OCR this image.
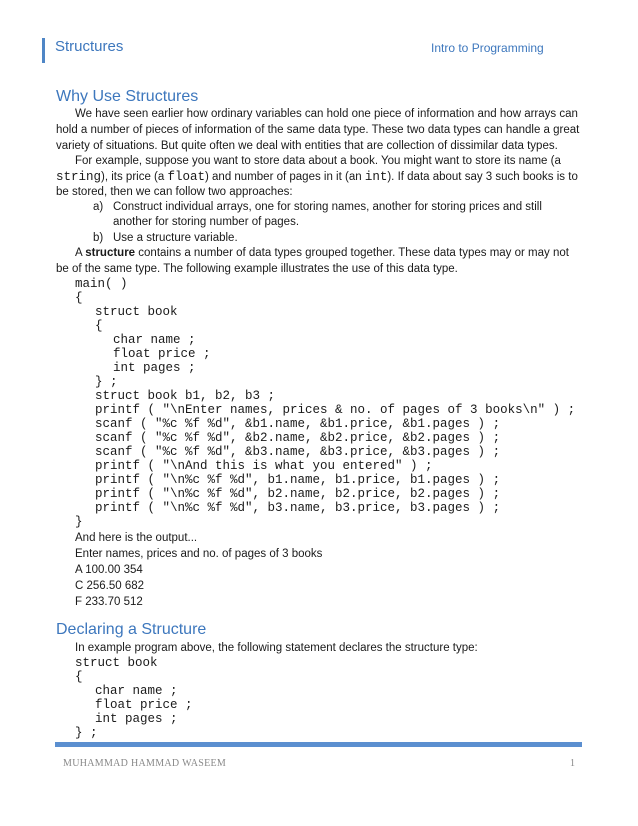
Structures	Intro to Programming
Why Use Structures
We have seen earlier how ordinary variables can hold one piece of information and how arrays can
hold a number of pieces of information of the same data type. These two data types can handle a great
variety of situations. But quite often we deal with entities that are collection of dissimilar data types.
For example, suppose you want to store data about a book. You might want to store its name (a
string), its price (a float) and number of pages in it (an int). If data about say 3 such books is to
be stored, then we can follow two approaches:
a) Construct individual arrays, one for storing names, another for storing prices and still
another for storing number of pages.
b) Use a structure variable.
A structure contains a number of data types grouped together. These data types may or may not
be of the same type. The following example illustrates the use of this data type.
main( )
{
struct book
{
char name ;
float price ;
int pages ;
} ;
struct book b1, b2, b3 ;
printf ( "\nEnter names, prices & no. of pages of 3 books\n" ) ;
scanf ( "%c %f %d", &b1.name, &b1.price, &b1.pages ) ;
scanf ( "%c %f %d", &b2.name, &b2.price, &b2.pages ) ;
scanf ( "%c %f %d", &b3.name, &b3.price, &b3.pages ) ;
printf ( "\nAnd this is what you entered" ) ;
printf ( "\n%c %f %d", b1.name, b1.price, b1.pages ) ;
printf ( "\n%c %f %d", b2.name, b2.price, b2.pages ) ;
printf ( "\n%c %f %d", b3.name, b3.price, b3.pages ) ;
}
And here is the output...
Enter names, prices and no. of pages of 3 books
A 100.00 354
C 256.50 682
F 233.70 512
Declaring a Structure
In example program above, the following statement declares the structure type:
struct book
{
char name ;
float price ;
int pages ;
} ;
MUHAMMAD HAMMAD WASEEM	1
